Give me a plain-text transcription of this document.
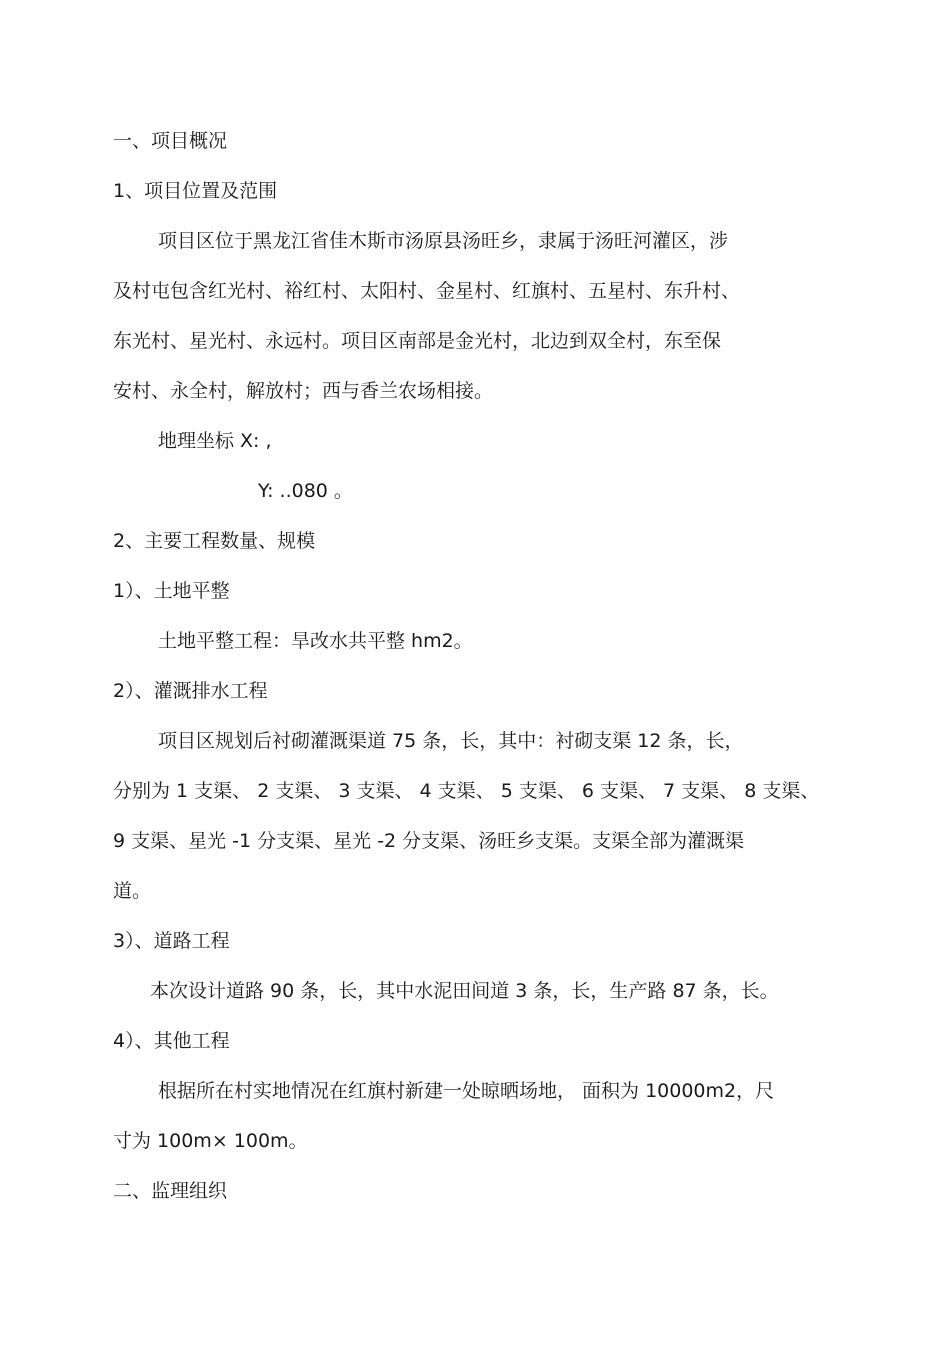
一、项目概况
1、项目位置及范围
项目区位于黑龙江省佳木斯市汤原县汤旺乡，隶属于汤旺河灌区，涉
及村屯包含红光村、裕红村、太阳村、金星村、红旗村、五星村、东升村、
东光村、星光村、永远村。项目区南部是金光村，北边到双全村，东至保
安村、永全村，解放村；西与香兰农场相接。
地理坐标 X: ,
Y: ..080 。
2、主要工程数量、规模
1）、土地平整
土地平整工程：旱改水共平整 hm2。
2）、灌溉排水工程
项目区规划后衬砌灌溉渠道 75 条，长，其中：衬砌支渠 12 条，长，
分别为 1 支渠、 2 支渠、 3 支渠、 4 支渠、 5 支渠、 6 支渠、 7 支渠、 8 支渠、
9 支渠、星光 -1 分支渠、星光 -2 分支渠、汤旺乡支渠。支渠全部为灌溉渠
道。
3）、道路工程
本次设计道路 90 条，长，其中水泥田间道 3 条，长，生产路 87 条，长。
4）、其他工程
根据所在村实地情况在红旗村新建一处晾晒场地， 面积为 10000m2，尺
寸为 100m× 100m。
二、监理组织
